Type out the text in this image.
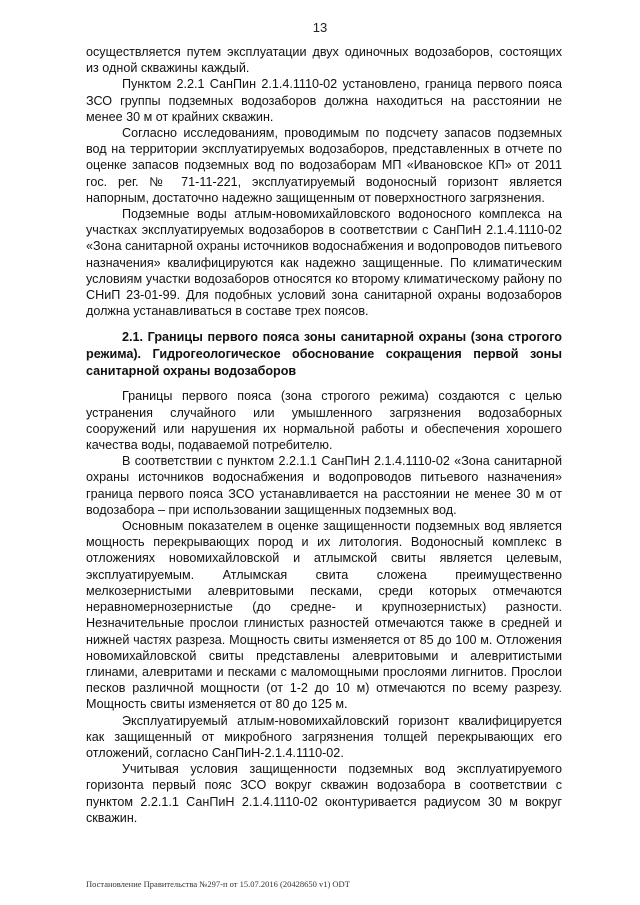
13

осуществляется путем эксплуатации двух одиночных водозаборов, состоящих из одной скважины каждый.

Пунктом 2.2.1 СанПин 2.1.4.1110-02 установлено, граница первого пояса ЗСО группы подземных водозаборов должна находиться на расстоянии не менее 30 м от крайних скважин.

Согласно исследованиям, проводимым по подсчету запасов подземных вод на территории эксплуатируемых водозаборов, представленных в отчете по оценке запасов подземных вод по водозаборам МП «Ивановское КП» от 2011 гос. рег. № 71-11-221, эксплуатируемый водоносный горизонт является напорным, достаточно надежно защищенным от поверхностного загрязнения.

Подземные воды атлым-новомихайловского водоносного комплекса на участках эксплуатируемых водозаборов в соответствии с СанПиН 2.1.4.1110-02 «Зона санитарной охраны источников водоснабжения и водопроводов питьевого назначения» квалифицируются как надежно защищенные. По климатическим условиям участки водозаборов относятся ко второму климатическому району по СНиП 23-01-99. Для подобных условий зона санитарной охраны водозаборов должна устанавливаться в составе трех поясов.

2.1. Границы первого пояса зоны санитарной охраны (зона строгого режима). Гидрогеологическое обоснование сокращения первой зоны санитарной охраны водозаборов

Границы первого пояса (зона строгого режима) создаются с целью устранения случайного или умышленного загрязнения водозаборных сооружений или нарушения их нормальной работы и обеспечения хорошего качества воды, подаваемой потребителю.

В соответствии с пунктом 2.2.1.1 СанПиН 2.1.4.1110-02 «Зона санитарной охраны источников водоснабжения и водопроводов питьевого назначения» граница первого пояса ЗСО устанавливается на расстоянии не менее 30 м от водозабора – при использовании защищенных подземных вод.

Основным показателем в оценке защищенности подземных вод является мощность перекрывающих пород и их литология. Водоносный комплекс в отложениях новомихайловской и атлымской свиты является целевым, эксплуатируемым. Атлымская свита сложена преимущественно мелкозернистыми алевритовыми песками, среди которых отмечаются неравномернозернистые (до средне- и крупнозернистых) разности. Незначительные прослои глинистых разностей отмечаются также в средней и нижней частях разреза. Мощность свиты изменяется от 85 до 100 м. Отложения новомихайловской свиты представлены алевритовыми и алевритистыми глинами, алевритами и песками с маломощными прослоями лигнитов. Прослои песков различной мощности (от 1-2 до 10 м) отмечаются по всему разрезу. Мощность свиты изменяется от 80 до 125 м.

Эксплуатируемый атлым-новомихайловский горизонт квалифицируется как защищенный от микробного загрязнения толщей перекрывающих его отложений, согласно СанПиН-2.1.4.1110-02.

Учитывая условия защищенности подземных вод эксплуатируемого горизонта первый пояс ЗСО вокруг скважин водозабора в соответствии с пунктом 2.2.1.1 СанПиН 2.1.4.1110-02 оконтуривается радиусом 30 м вокруг скважин.

Постановление Правительства №297-п от 15.07.2016 (20428650 v1) ODT
